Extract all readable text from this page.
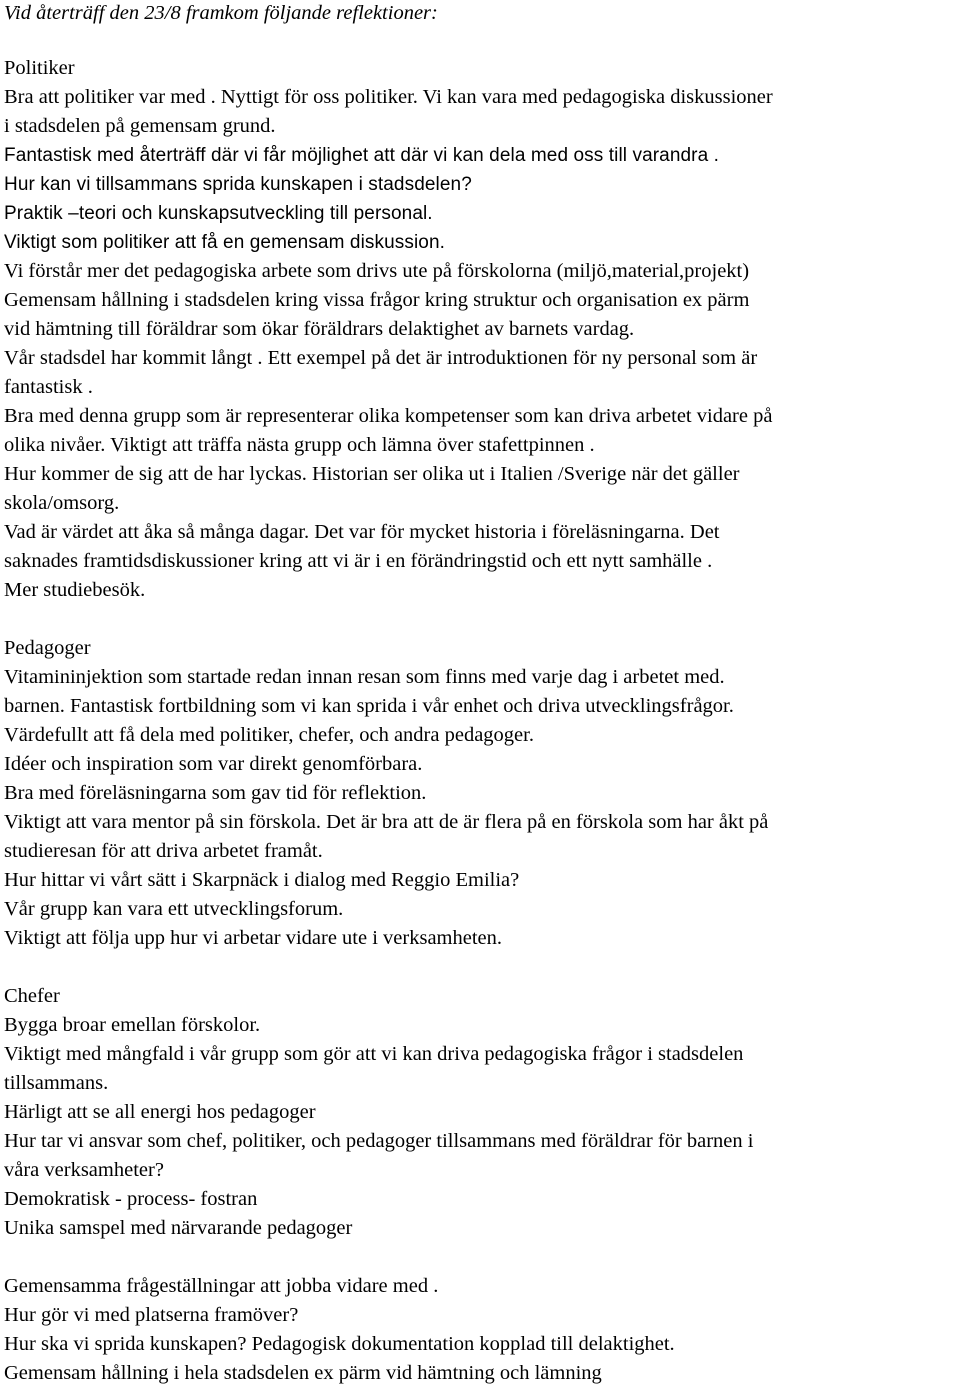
Vid återträff den 23/8 framkom följande reflektioner:
Politiker
Bra att politiker var med . Nyttigt för oss politiker. Vi kan vara med pedagogiska diskussioner
i stadsdelen på gemensam grund.
Fantastisk med återträff där vi får möjlighet att där vi kan dela med oss till varandra .
Hur kan vi tillsammans sprida kunskapen i stadsdelen?
Praktik –teori och kunskapsutveckling till personal.
Viktigt som politiker att få en gemensam diskussion.
Vi förstår mer det pedagogiska arbete som drivs ute på förskolorna (miljö,material,projekt)
Gemensam hållning i stadsdelen kring vissa frågor kring struktur och organisation ex pärm
vid hämtning till föräldrar som ökar föräldrars delaktighet av barnets vardag.
Vår stadsdel har kommit långt . Ett exempel på det är introduktionen för ny personal som är
fantastisk .
Bra med denna grupp som är representerar olika kompetenser som kan driva arbetet vidare på
olika nivåer. Viktigt att träffa nästa grupp och lämna över stafettpinnen .
Hur kommer de sig att de har lyckas. Historian ser olika ut i Italien /Sverige när det gäller
skola/omsorg.
Vad är värdet att åka så många dagar. Det var för mycket historia i föreläsningarna. Det
saknades framtidsdiskussioner kring att vi är i en förändringstid och ett nytt samhälle .
Mer studiebesök.
Pedagoger
Vitamininjektion som startade redan innan resan som finns med varje dag i arbetet med.
barnen. Fantastisk fortbildning som vi kan sprida i vår enhet och driva utvecklingsfrågor.
Värdefullt att få dela med politiker, chefer, och andra pedagoger.
Idéer och inspiration som var direkt genomförbara.
Bra med föreläsningarna som gav tid för reflektion.
Viktigt att vara mentor på sin förskola. Det är bra att de är flera på en förskola som har åkt på
studieresan för att driva arbetet framåt.
Hur hittar vi vårt sätt i Skarpnäck i dialog med Reggio Emilia?
Vår grupp kan vara ett utvecklingsforum.
Viktigt att följa upp hur vi arbetar vidare ute i verksamheten.
Chefer
Bygga broar emellan förskolor.
Viktigt med mångfald i vår grupp som gör att vi kan driva pedagogiska frågor i stadsdelen
tillsammans.
Härligt att se all energi hos pedagoger
Hur tar vi ansvar som chef, politiker, och pedagoger tillsammans med föräldrar för barnen i
våra verksamheter?
Demokratisk - process- fostran
Unika samspel med närvarande pedagoger
Gemensamma frågeställningar att jobba vidare med .
Hur gör vi med platserna framöver?
Hur ska vi sprida kunskapen? Pedagogisk dokumentation kopplad till delaktighet.
Gemensam hållning i hela stadsdelen ex pärm vid hämtning och lämning
